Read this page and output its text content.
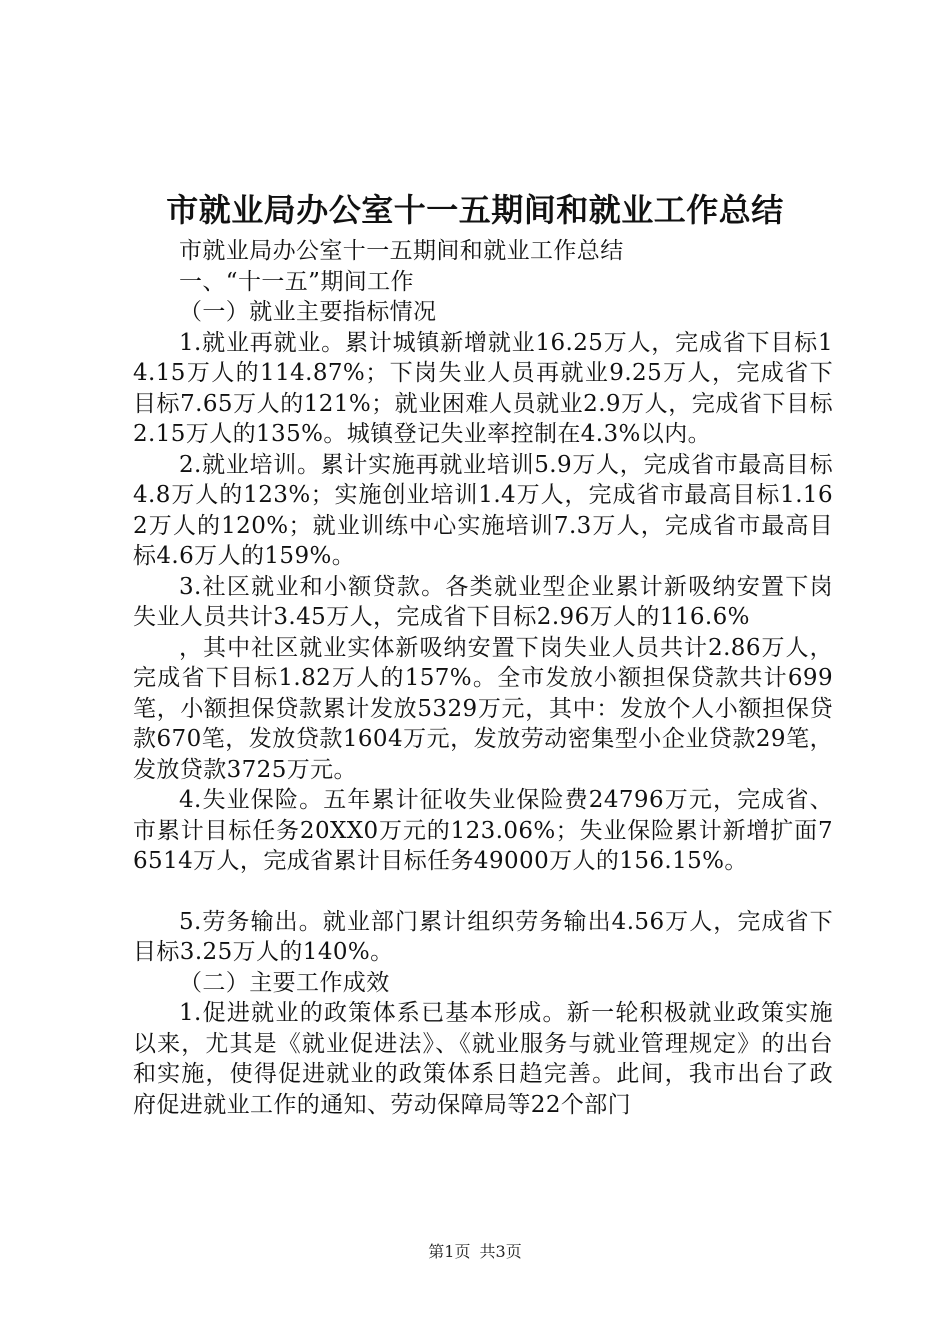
市就业局办公室十一五期间和就业工作总结

市就业局办公室十一五期间和就业工作总结

一、“十一五”期间工作

（一）就业主要指标情况

1.就业再就业。累计城镇新增就业16.25万人，完成省下目标14.15万人的114.87%；下岗失业人员再就业9.25万人，完成省下目标7.65万人的121%；就业困难人员就业2.9万人，完成省下目标2.15万人的135%。城镇登记失业率控制在4.3%以内。

2.就业培训。累计实施再就业培训5.9万人，完成省市最高目标4.8万人的123%；实施创业培训1.4万人，完成省市最高目标1.162万人的120%；就业训练中心实施培训7.3万人，完成省市最高目标4.6万人的159%。

3.社区就业和小额贷款。各类就业型企业累计新吸纳安置下岗失业人员共计3.45万人，完成省下目标2.96万人的116.6%

，其中社区就业实体新吸纳安置下岗失业人员共计2.86万人，完成省下目标1.82万人的157%。全市发放小额担保贷款共计699笔，小额担保贷款累计发放5329万元，其中：发放个人小额担保贷款670笔，发放贷款1604万元，发放劳动密集型小企业贷款29笔，发放贷款3725万元。

4.失业保险。五年累计征收失业保险费24796万元，完成省、市累计目标任务20XX0万元的123.06%；失业保险累计新增扩面76514万人，完成省累计目标任务49000万人的156.15%。

5.劳务输出。就业部门累计组织劳务输出4.56万人，完成省下目标3.25万人的140%。

（二）主要工作成效

1.促进就业的政策体系已基本形成。新一轮积极就业政策实施以来，尤其是《就业促进法》、《就业服务与就业管理规定》的出台和实施，使得促进就业的政策体系日趋完善。此间，我市出台了政府促进就业工作的通知、劳动保障局等22个部门

第1页 共3页
